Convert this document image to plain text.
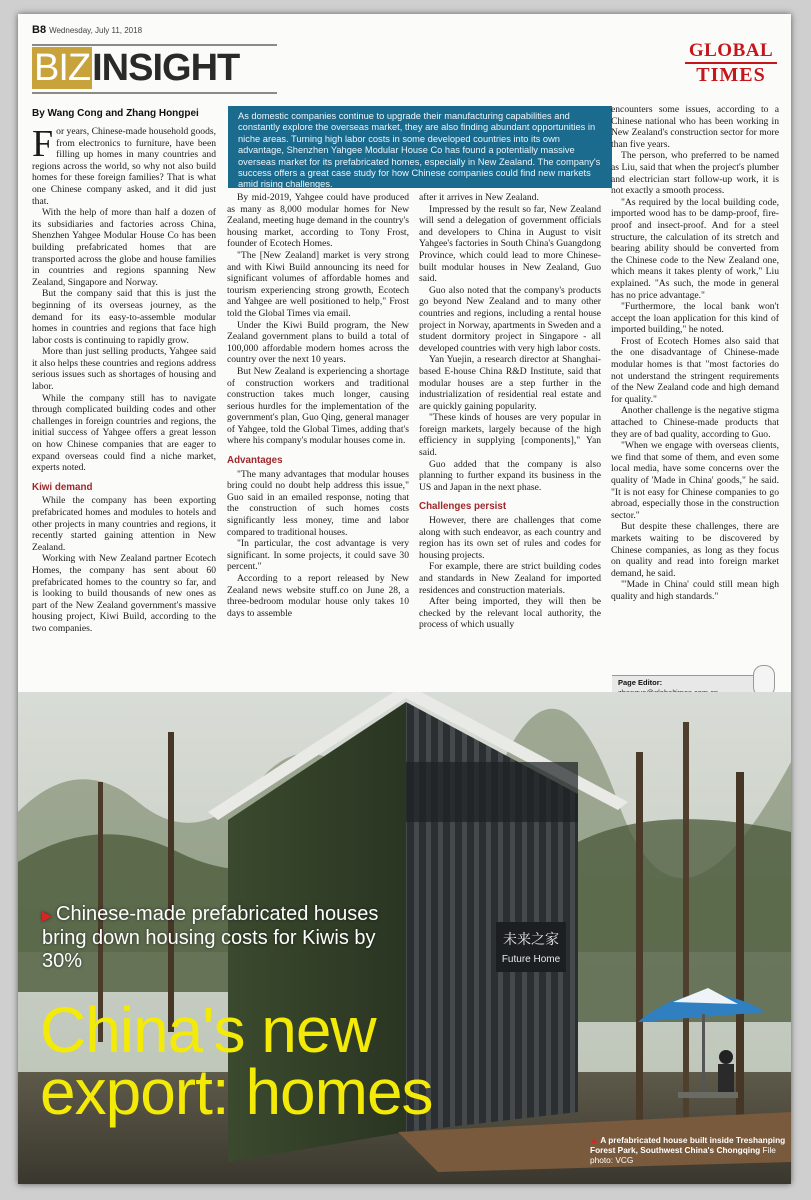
B8 Wednesday, July 11, 2018
BIZINSIGHT	GLOBAL
TIMES
By Wang Cong and Zhang Hongpei	As domestic companies continue to upgrade their manufacturing capabilities and constantly explore the overseas market, they are also finding abundant opportunities in niche areas. Turning high labor costs in some developed countries into its own advantage, Shenzhen Yahgee Modular House Co has found a potentially massive overseas market for its prefabricated homes, especially in New Zealand. The company's success offers a great case study for how Chinese companies could find new markets amid rising challenges.

For years, Chinese-made household goods, from electronics to furniture, have been filling up homes in many countries and regions across the world, so why not also build homes for these foreign families? That is what one Chinese company asked, and it did just that.

With the help of more than half a dozen of its subsidiaries and factories across China, Shenzhen Yahgee Modular House Co has been building prefabricated homes that are transported across the globe and house families in countries and regions spanning New Zealand, Singapore and Norway.

But the company said that this is just the beginning of its overseas journey, as the demand for its easy-to-assemble modular homes in countries and regions that face high labor costs is continuing to rapidly grow.

More than just selling products, Yahgee said it also helps these countries and regions address serious issues such as shortages of housing and labor.

While the company still has to navigate through complicated building codes and other challenges in foreign countries and regions, the initial success of Yahgee offers a great lesson on how Chinese companies that are eager to expand overseas could find a niche market, experts noted.

Kiwi demand

While the company has been exporting prefabricated homes and modules to hotels and other projects in many countries and regions, it recently started gaining attention in New Zealand.

Working with New Zealand partner Ecotech Homes, the company has sent about 60 prefabricated homes to the country so far, and is looking to build thousands of new ones as part of the New Zealand government's massive housing project, Kiwi Build, according to the two companies.

By mid-2019, Yahgee could have produced as many as 8,000 modular homes for New Zealand, meeting huge demand in the country's housing market, according to Tony Frost, founder of Ecotech Homes.

"The [New Zealand] market is very strong and with Kiwi Build announcing its need for significant volumes of affordable homes and tourism experiencing strong growth, Ecotech and Yahgee are well positioned to help," Frost told the Global Times via email.

Under the Kiwi Build program, the New Zealand government plans to build a total of 100,000 affordable modern homes across the country over the next 10 years.

But New Zealand is experiencing a shortage of construction workers and traditional construction takes much longer, causing serious hurdles for the implementation of the government's plan, Guo Qing, general manager of Yahgee, told the Global Times, adding that's where his company's modular houses come in.

Advantages

"The many advantages that modular houses bring could no doubt help address this issue," Guo said in an emailed response, noting that the construction of such homes costs significantly less money, time and labor compared to traditional houses.

"In particular, the cost advantage is very significant. In some projects, it could save 30 percent."

According to a report released by New Zealand news website stuff.co on June 28, a three-bedroom modular house only takes 10 days to assemble

after it arrives in New Zealand.

Impressed by the result so far, New Zealand will send a delegation of government officials and developers to China in August to visit Yahgee's factories in South China's Guangdong Province, which could lead to more Chinese-built modular houses in New Zealand, Guo said.

Guo also noted that the company's products go beyond New Zealand and to many other countries and regions, including a rental house project in Norway, apartments in Sweden and a student dormitory project in Singapore - all developed countries with very high labor costs.

Yan Yuejin, a research director at Shanghai-based E-house China R&D Institute, said that modular houses are a step further in the industrialization of residential real estate and are quickly gaining popularity.

"These kinds of houses are very popular in foreign markets, largely because of the high efficiency in supplying [components]," Yan said.

Guo added that the company is also planning to further expand its business in the US and Japan in the next phase.

Challenges persist

However, there are challenges that come along with such endeavor, as each country and region has its own set of rules and codes for housing projects.

For example, there are strict building codes and standards in New Zealand for imported residences and construction materials.

After being imported, they will then be checked by the relevant local authority, the process of which usually

encounters some issues, according to a Chinese national who has been working in New Zealand's construction sector for more than five years.

The person, who preferred to be named as Liu, said that when the project's plumber and electrician start follow-up work, it is not exactly a smooth process.

"As required by the local building code, imported wood has to be damp-proof, fire-proof and insect-proof. And for a steel structure, the calculation of its stretch and bearing ability should be converted from the Chinese code to the New Zealand one, which means it takes plenty of work," Liu explained. "As such, the mode in general has no price advantage."

"Furthermore, the local bank won't accept the loan application for this kind of imported building," he noted.

Frost of Ecotech Homes also said that the one disadvantage of Chinese-made modular homes is that "most factories do not understand the stringent requirements of the New Zealand code and high demand for quality."

Another challenge is the negative stigma attached to Chinese-made products that they are of bad quality, according to Guo.

"When we engage with overseas clients, we find that some of them, and even some local media, have some concerns over the quality of 'Made in China' goods," he said. "It is not easy for Chinese companies to go abroad, especially those in the construction sector."

But despite these challenges, there are markets waiting to be discovered by Chinese companies, as long as they focus on quality and read into foreign market demand, he said.

"'Made in China' could still mean high quality and high standards."

Page Editor:
未来之家
Future Home
▶ Chinese-made prefabricated houses bring down housing costs for Kiwis by 30%
China's new
export: homes
▲ A prefabricated house built inside Treshanping Forest Park, Southwest China's Chongqing File photo: VCG
